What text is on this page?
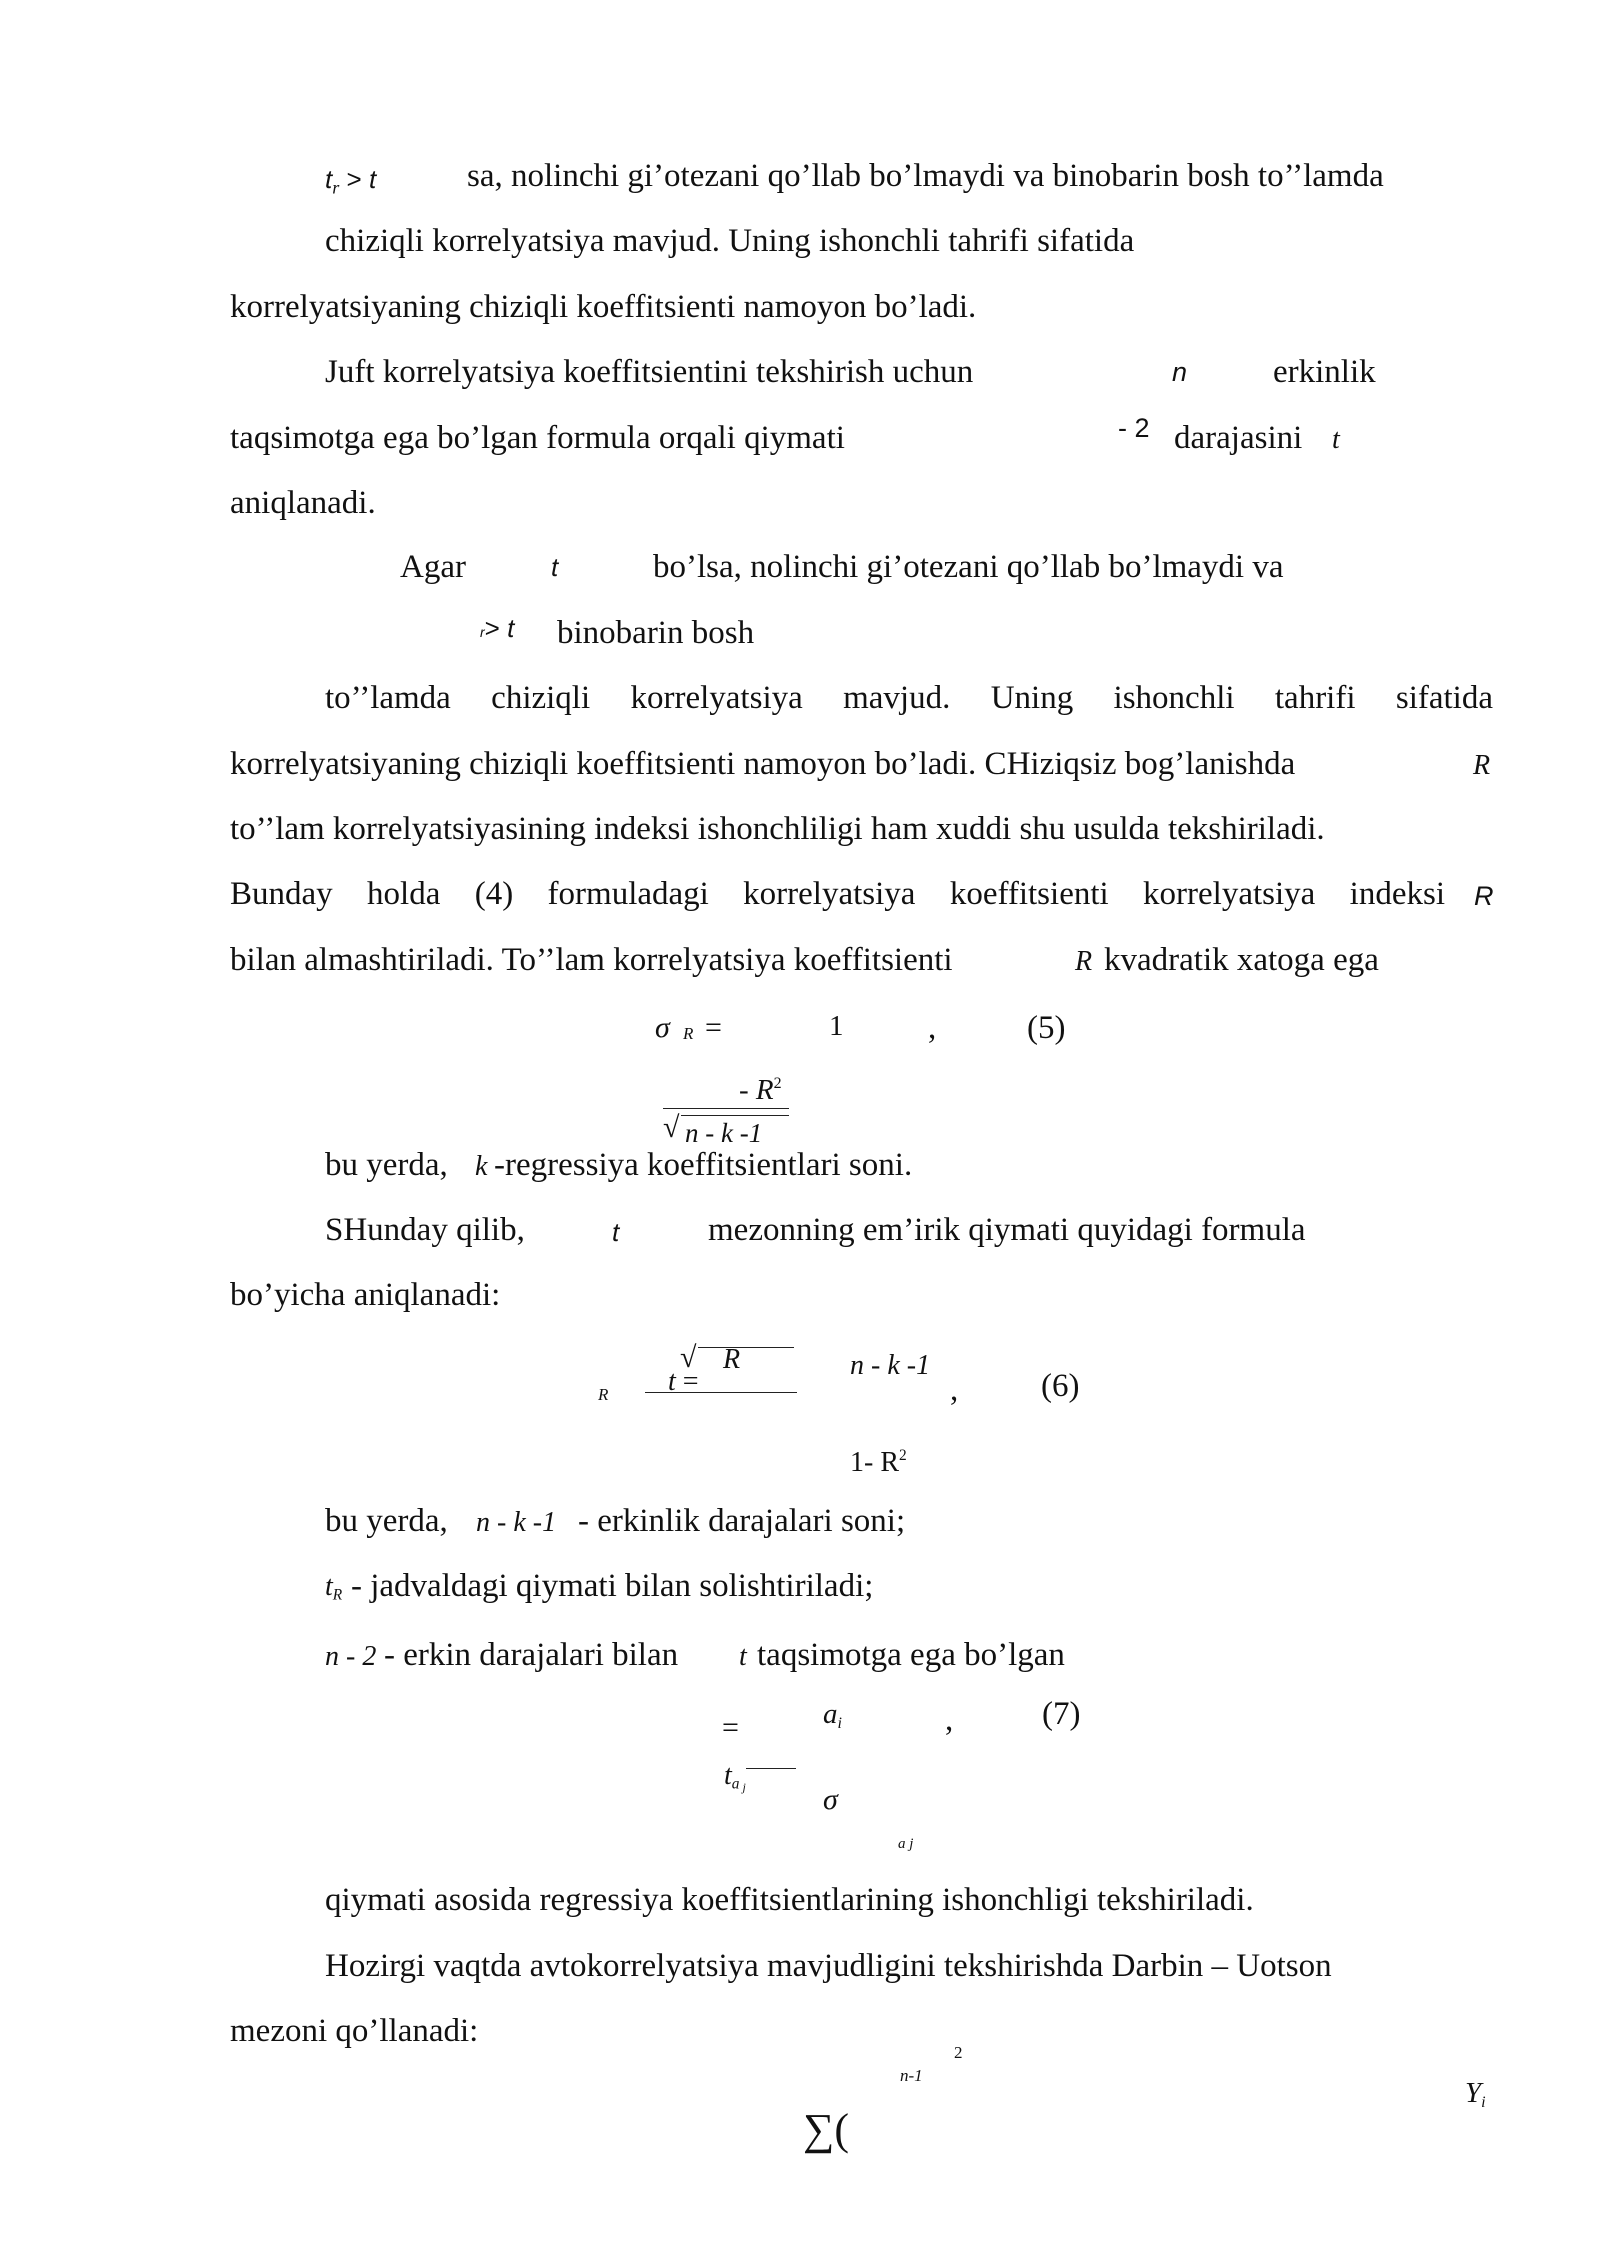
$t_r > t$	sa, nolinchi gi’otezani qo’llab bo’lmaydi va binobarin bosh to’’lamda
chiziqli korrelyatsiya mavjud. Uning ishonchli tahrifi sifatida
korrelyatsiyaning chiziqli koeffitsienti namoyon bo’ladi.
Juft korrelyatsiya koeffitsientini tekshirish uchun	n	erkinlik
taqsimotga ega bo’lgan formula orqali qiymati	- 2 darajasini t
aniqlanadi.
Agar	t	bo’lsa, nolinchi gi’otezani qo’llab bo’lmaydi va
r> t binobarin bosh
to’’lamda chiziqli korrelyatsiya mavjud. Uning ishonchli tahrifi sifatida
korrelyatsiyaning chiziqli koeffitsienti namoyon bo’ladi. CHiziqsiz bog’lanishda	R
to’’lam korrelyatsiyasining indeksi ishonchliligi ham xuddi shu usulda tekshiriladi.
Bunday holda (4) formuladagi korrelyatsiya koeffitsienti korrelyatsiya indeksi R
bilan almashtiriladi. To’’lam korrelyatsiya koeffitsienti	R kvadratik xatoga ega
σ R =	1	,	(5)
- $R^2$
√ n - k -1
bu yerda, k -regressiya koeffitsientlari soni.
SHunday qilib,	t	mezonning em’irik qiymati quyidagi formula
bo’yicha aniqlanadi:
R t =
√ R	n - k -1
,	(6)
1- $R^2$
bu yerda, n - k -1 - erkinlik darajalari soni;
$t_R$ - jadvaldagi qiymati bilan solishtiriladi;
n - 2 - erkin darajalari bilan t taqsimotga ega bo’lgan
=	$a_i$	,	(7)
$t_a$ $_j$	σ
a j
qiymati asosida regressiya koeffitsientlarining ishonchligi tekshiriladi.
Hozirgi vaqtda avtokorrelyatsiya mavjudligini tekshirishda Darbin – Uotson
mezoni qo’llanadi:
2
n-1
$Y_i$
∑(
